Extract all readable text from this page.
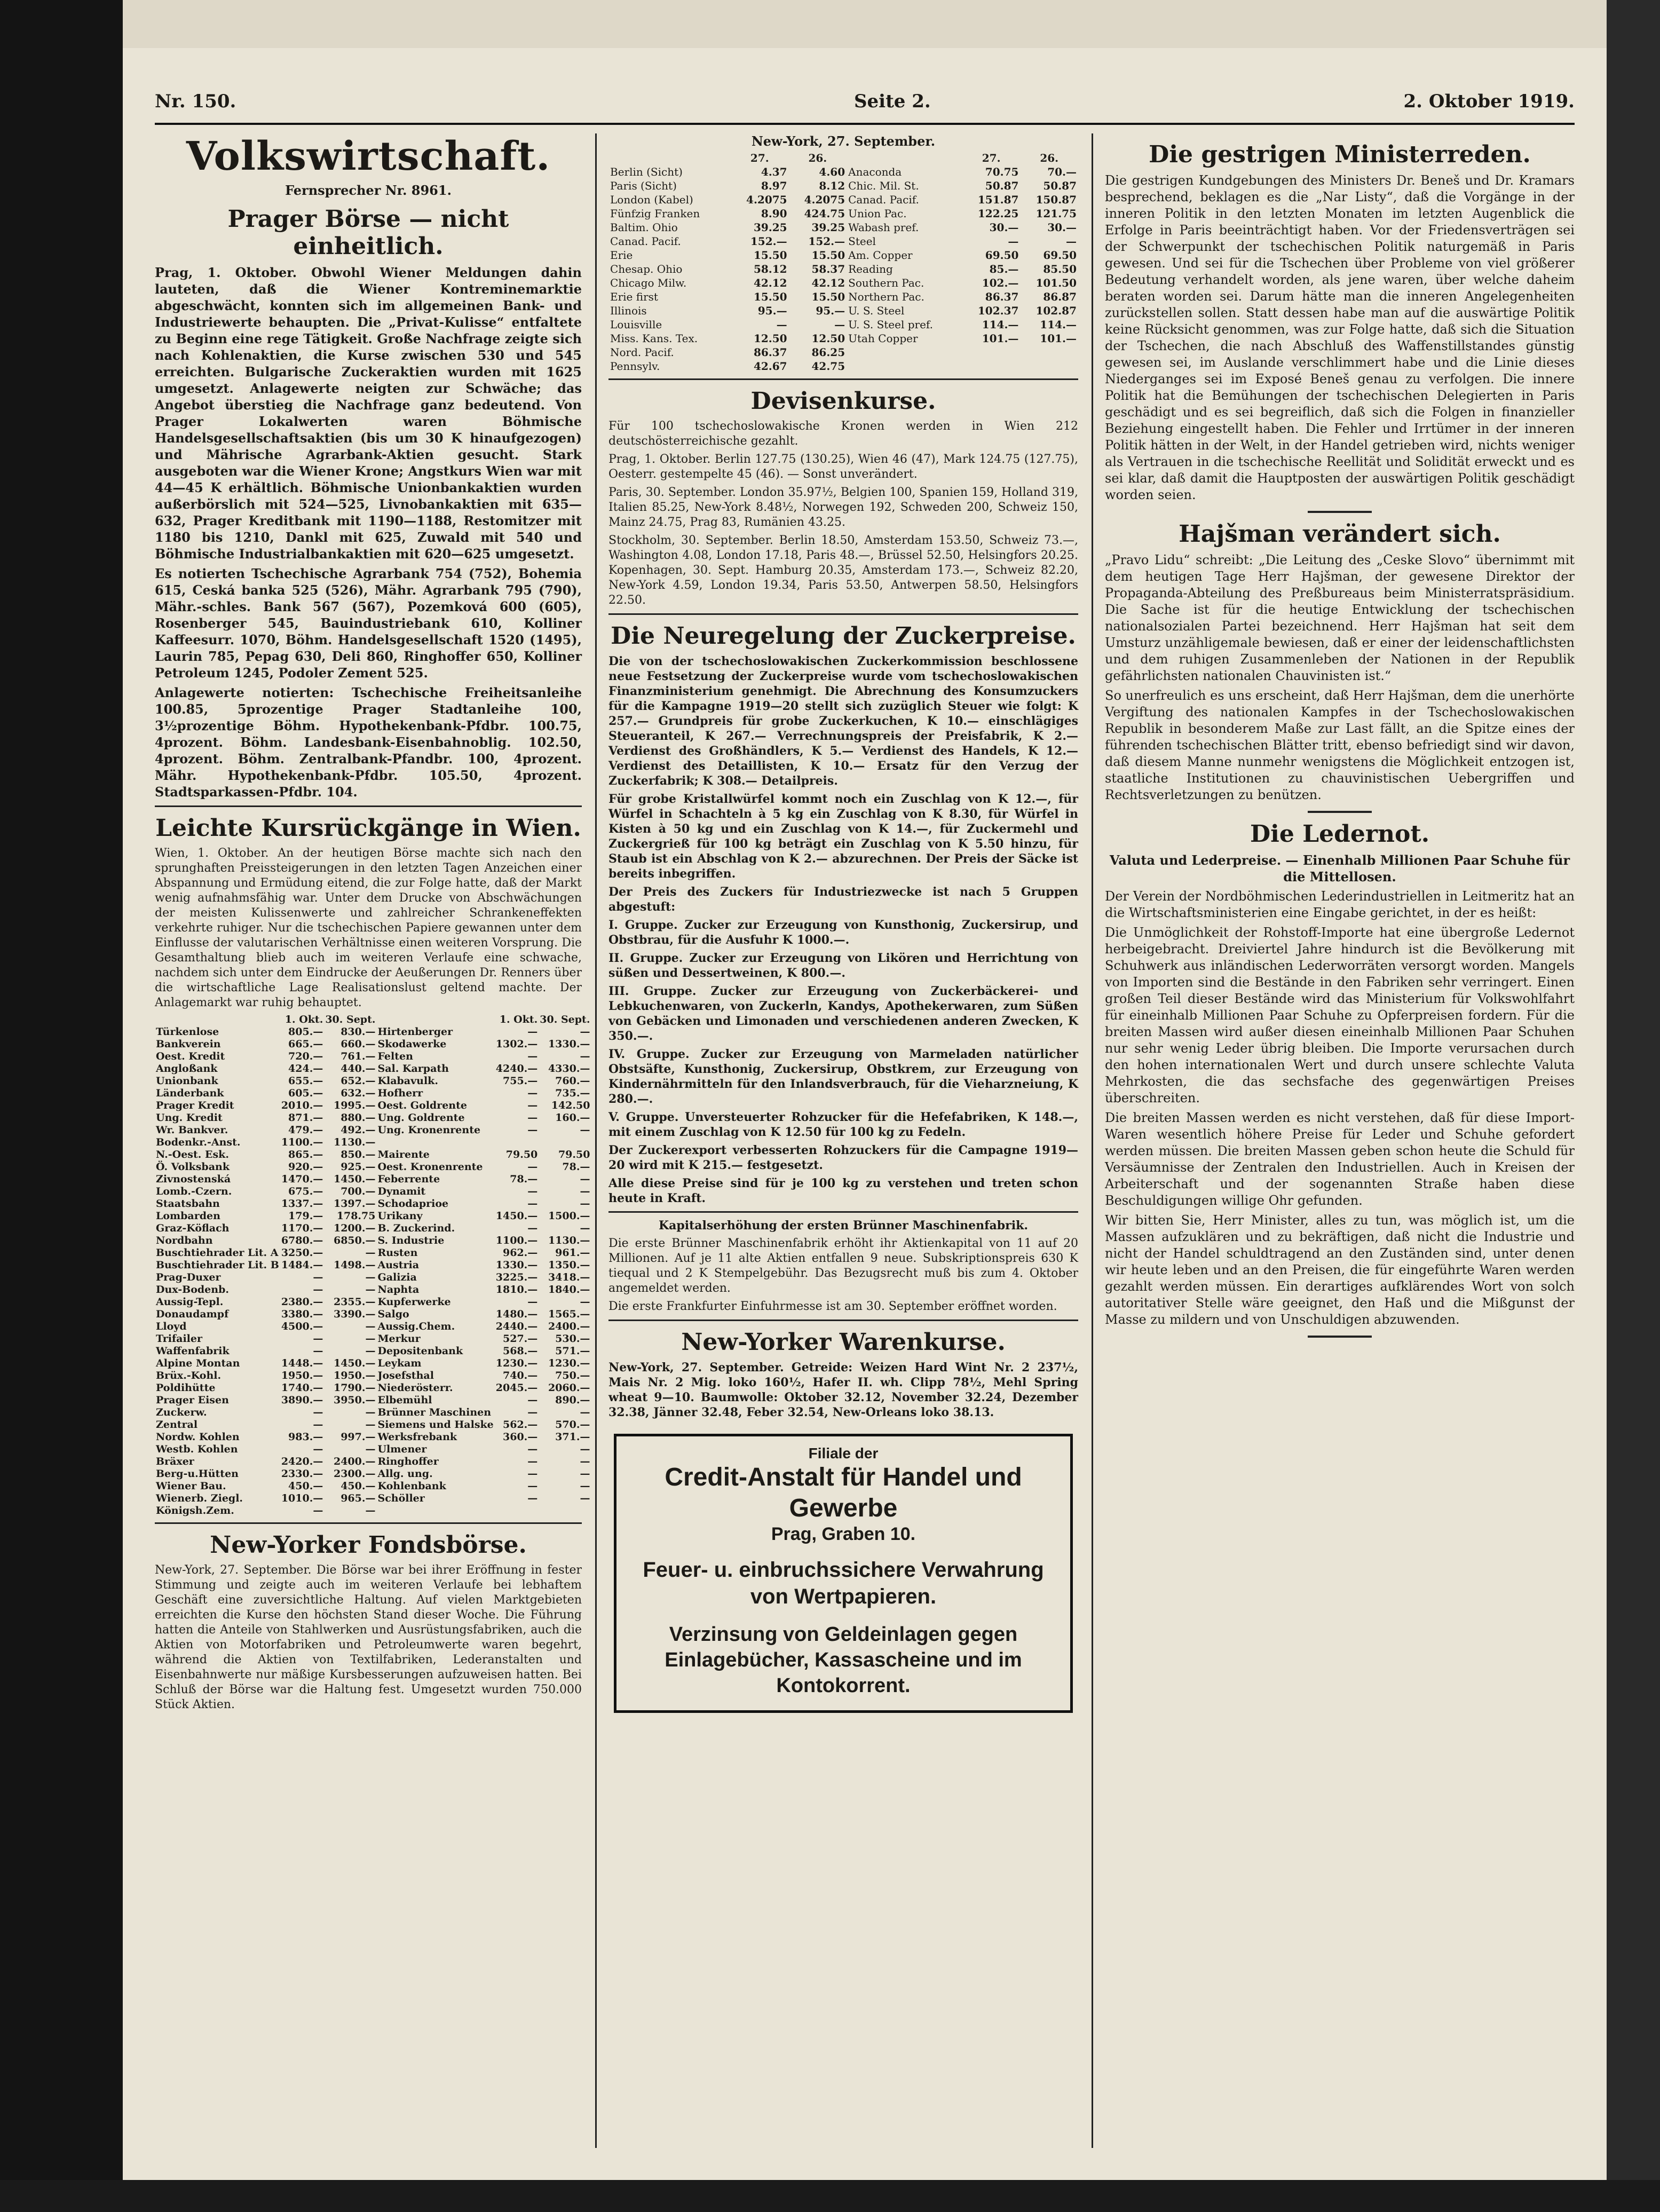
Nr. 150.	Seite 2.	2. Oktober 1919.
Volkswirtschaft.
Fernsprecher Nr. 8961.
Prager Börse — nicht einheitlich.

Prag, 1. Oktober. Obwohl Wiener Meldungen dahin lauteten, daß die Wiener Kontreminemarktie abgeschwächt, konnten sich im allgemeinen Bank- und Industriewerte behaupten. Die „Privat-Kulisse“ entfaltete zu Beginn eine rege Tätigkeit. Große Nachfrage zeigte sich nach Kohlenaktien, die Kurse zwischen 530 und 545 erreichten. Bulgarische Zuckeraktien wurden mit 1625 umgesetzt. Anlagewerte neigten zur Schwäche; das Angebot überstieg die Nachfrage ganz bedeutend. Von Prager Lokalwerten waren Böhmische Handelsgesellschaftsaktien (bis um 30 K hinaufgezogen) und Mährische Agrarbank-Aktien gesucht. Stark ausgeboten war die Wiener Krone; Angstkurs Wien war mit 44—45 K erhältlich. Böhmische Unionbankaktien wurden außerbörslich mit 524—525, Livnobankaktien mit 635—632, Prager Kreditbank mit 1190—1188, Restomitzer mit 1180 bis 1210, Dankl mit 625, Zuwald mit 540 und Böhmische Industrialbankaktien mit 620—625 umgesetzt.

Es notierten Tschechische Agrarbank 754 (752), Bohemia 615, Ceská banka 525 (526), Mähr. Agrarbank 795 (790), Mähr.-schles. Bank 567 (567), Pozemková 600 (605), Rosenberger 545, Bauindustriebank 610, Kolliner Kaffeesurr. 1070, Böhm. Handelsgesellschaft 1520 (1495), Laurin 785, Pepag 630, Deli 860, Ringhoffer 650, Kolliner Petroleum 1245, Podoler Zement 525.

Anlagewerte notierten: Tschechische Freiheitsanleihe 100.85, 5prozentige Prager Stadtanleihe 100, 3½prozentige Böhm. Hypothekenbank-Pfdbr. 100.75, 4prozent. Böhm. Landesbank-Eisenbahnoblig. 102.50, 4prozent. Böhm. Zentralbank-Pfandbr. 100, 4prozent. Mähr. Hypothekenbank-Pfdbr. 105.50, 4prozent. Stadtsparkassen-Pfdbr. 104.

Leichte Kursrückgänge in Wien.

Wien, 1. Oktober. An der heutigen Börse machte sich nach den sprunghaften Preissteigerungen in den letzten Tagen Anzeichen einer Abspannung und Ermüdung eitend, die zur Folge hatte, daß der Markt wenig aufnahmsfähig war. Unter dem Drucke von Abschwächungen der meisten Kulissenwerte und zahlreicher Schrankeneffekten verkehrte ruhiger. Nur die tschechischen Papiere gewannen unter dem Einflusse der valutarischen Verhältnisse einen weiteren Vorsprung. Die Gesamthaltung blieb auch im weiteren Verlaufe eine schwache, nachdem sich unter dem Eindrucke der Aeußerungen Dr. Renners über die wirtschaftliche Lage Realisationslust geltend machte. Der Anlagemarkt war ruhig behauptet.

	1. Okt.	30. Sept.		1. Okt.	30. Sept.
Türkenlose	805.—	830.—	Hirtenberger	—	—
Bankverein	665.—	660.—	Skodawerke	1302.—	1330.—
Oest. Kredit	720.—	761.—	Felten	—	—
Angloßank	424.—	440.—	Sal. Karpath	4240.—	4330.—
Unionbank	655.—	652.—	Klabavulk.	755.—	760.—
Länderbank	605.—	632.—	Hofherr	—	735.—
Prager Kredit	2010.—	1995.—	Oest. Goldrente	—	142.50
Ung. Kredit	871.—	880.—	Ung. Goldrente	—	160.—
Wr. Bankver.	479.—	492.—	Ung. Kronenrente	—	—
Bodenkr.-Anst.	1100.—	1130.—			
N.-Oest. Esk.	865.—	850.—	Mairente	79.50	79.50
Ö. Volksbank	920.—	925.—	Oest. Kronenrente	—	78.—
Zivnostenská	1470.—	1450.—	Feberrente	78.—	—
Lomb.-Czern.	675.—	700.—	Dynamit	—	—
Staatsbahn	1337.—	1397.—	Schodaprioe	—	—
Lombarden	179.—	178.75	Urikany	1450.—	1500.—
Graz-Köflach	1170.—	1200.—	B. Zuckerind.	—	—
Nordbahn	6780.—	6850.—	S. Industrie	1100.—	1130.—
Buschtiehrader Lit. A	3250.—	—	Rusten	962.—	961.—
Buschtiehrader Lit. B	1484.—	1498.—	Austria	1330.—	1350.—
Prag-Duxer	—	—	Galizia	3225.—	3418.—
Dux-Bodenb.	—	—	Naphta	1810.—	1840.—
Aussig-Tepl.	2380.—	2355.—	Kupferwerke	—	—
Donaudampf	3380.—	3390.—	Salgo	1480.—	1565.—
Lloyd	4500.—	—	Aussig.Chem.	2440.—	2400.—
Trifailer	—	—	Merkur	527.—	530.—
Waffenfabrik	—	—	Depositenbank	568.—	571.—
Alpine Montan	1448.—	1450.—	Leykam	1230.—	1230.—
Brüx.-Kohl.	1950.—	1950.—	Josefsthal	740.—	750.—
Poldihütte	1740.—	1790.—	Niederösterr.	2045.—	2060.—
Prager Eisen	3890.—	3950.—	Elbemühl	—	890.—
Zuckerw.	—	—	Brünner Maschinen	—	—
Zentral	—	—	Siemens und Halske	562.—	570.—
Nordw. Kohlen	983.—	997.—	Werksfrebank	360.—	371.—
Westb. Kohlen	—	—	Ulmener	—	—
Bräxer	2420.—	2400.—	Ringhoffer	—	—
Berg-u.Hütten	2330.—	2300.—	Allg. ung.	—	—
Wiener Bau.	450.—	450.—	Kohlenbank	—	—
Wienerb. Ziegl.	1010.—	965.—	Schöller	—	—
Königsh.Zem.	—	—			
New-Yorker Fondsbörse.

New-York, 27. September. Die Börse war bei ihrer Eröffnung in fester Stimmung und zeigte auch im weiteren Verlaufe bei lebhaftem Geschäft eine zuversichtliche Haltung. Auf vielen Marktgebieten erreichten die Kurse den höchsten Stand dieser Woche. Die Führung hatten die Anteile von Stahlwerken und Ausrüstungsfabriken, auch die Aktien von Motorfabriken und Petroleumwerte waren begehrt, während die Aktien von Textilfabriken, Lederanstalten und Eisenbahnwerte nur mäßige Kursbesserungen aufzuweisen hatten. Bei Schluß der Börse war die Haltung fest. Umgesetzt wurden 750.000 Stück Aktien.

New-York, 27. September.
	27.	26.		27.	26.
Berlin (Sicht)	4.37	4.60	Anaconda	70.75	70.—
Paris (Sicht)	8.97	8.12	Chic. Mil. St.	50.87	50.87
London (Kabel)	4.2075	4.2075	Canad. Pacif.	151.87	150.87
Fünfzig Franken	8.90	424.75	Union Pac.	122.25	121.75
Baltim. Ohio	39.25	39.25	Wabash pref.	30.—	30.—
Canad. Pacif.	152.—	152.—	Steel	—	—
Erie	15.50	15.50	Am. Copper	69.50	69.50
Chesap. Ohio	58.12	58.37	Reading	85.—	85.50
Chicago Milw.	42.12	42.12	Southern Pac.	102.—	101.50
Erie first	15.50	15.50	Northern Pac.	86.37	86.87
Illinois	95.—	95.—	U. S. Steel	102.37	102.87
Louisville	—	—	U. S. Steel pref.	114.—	114.—
Miss. Kans. Tex.	12.50	12.50	Utah Copper	101.—	101.—
Nord. Pacif.	86.37	86.25			
Pennsylv.	42.67	42.75			
Devisenkurse.

Für 100 tschechoslowakische Kronen werden in Wien 212 deutschösterreichische gezahlt.

Prag, 1. Oktober. Berlin 127.75 (130.25), Wien 46 (47), Mark 124.75 (127.75), Oesterr. gestempelte 45 (46). — Sonst unverändert.

Paris, 30. September. London 35.97½, Belgien 100, Spanien 159, Holland 319, Italien 85.25, New-York 8.48½, Norwegen 192, Schweden 200, Schweiz 150, Mainz 24.75, Prag 83, Rumänien 43.25.

Stockholm, 30. September. Berlin 18.50, Amsterdam 153.50, Schweiz 73.—, Washington 4.08, London 17.18, Paris 48.—, Brüssel 52.50, Helsingfors 20.25. Kopenhagen, 30. Sept. Hamburg 20.35, Amsterdam 173.—, Schweiz 82.20, New-York 4.59, London 19.34, Paris 53.50, Antwerpen 58.50, Helsingfors 22.50.

Die Neuregelung der Zuckerpreise.

Die von der tschechoslowakischen Zuckerkommission beschlossene neue Festsetzung der Zuckerpreise wurde vom tschechoslowakischen Finanzministerium genehmigt. Die Abrechnung des Konsumzuckers für die Kampagne 1919—20 stellt sich zuzüglich Steuer wie folgt: K 257.— Grundpreis für grobe Zuckerkuchen, K 10.— einschlägiges Steueranteil, K 267.— Verrechnungspreis der Preisfabrik, K 2.— Verdienst des Großhändlers, K 5.— Verdienst des Handels, K 12.— Verdienst des Detaillisten, K 10.— Ersatz für den Verzug der Zuckerfabrik; K 308.— Detailpreis.

Für grobe Kristallwürfel kommt noch ein Zuschlag von K 12.—, für Würfel in Schachteln à 5 kg ein Zuschlag von K 8.30, für Würfel in Kisten à 50 kg und ein Zuschlag von K 14.—, für Zuckermehl und Zuckergrieß für 100 kg beträgt ein Zuschlag von K 5.50 hinzu, für Staub ist ein Abschlag von K 2.— abzurechnen. Der Preis der Säcke ist bereits inbegriffen.

Der Preis des Zuckers für Industriezwecke ist nach 5 Gruppen abgestuft:

I. Gruppe. Zucker zur Erzeugung von Kunsthonig, Zuckersirup, und Obstbrau, für die Ausfuhr K 1000.—.

II. Gruppe. Zucker zur Erzeugung von Likören und Herrichtung von süßen und Dessertweinen, K 800.—.

III. Gruppe. Zucker zur Erzeugung von Zuckerbäckerei- und Lebkuchenwaren, von Zuckerln, Kandys, Apothekerwaren, zum Süßen von Gebäcken und Limonaden und verschiedenen anderen Zwecken, K 350.—.

IV. Gruppe. Zucker zur Erzeugung von Marmeladen natürlicher Obstsäfte, Kunsthonig, Zuckersirup, Obstkrem, zur Erzeugung von Kindernährmitteln für den Inlandsverbrauch, für die Vieharzneiung, K 280.—.

V. Gruppe. Unversteuerter Rohzucker für die Hefefabriken, K 148.—, mit einem Zuschlag von K 12.50 für 100 kg zu Fedeln.

Der Zuckerexport verbesserten Rohzuckers für die Campagne 1919—20 wird mit K 215.— festgesetzt.

Alle diese Preise sind für je 100 kg zu verstehen und treten schon heute in Kraft.

Kapitalserhöhung der ersten Brünner Maschinenfabrik.

Die erste Brünner Maschinenfabrik erhöht ihr Aktienkapital von 11 auf 20 Millionen. Auf je 11 alte Aktien entfallen 9 neue. Subskriptionspreis 630 K tiequal und 2 K Stempelgebühr. Das Bezugsrecht muß bis zum 4. Oktober angemeldet werden.

Die erste Frankfurter Einfuhrmesse ist am 30. September eröffnet worden.

New-Yorker Warenkurse.

New-York, 27. September. Getreide: Weizen Hard Wint Nr. 2 237½, Mais Nr. 2 Mig. loko 160½, Hafer II. wh. Clipp 78½, Mehl Spring wheat 9—10. Baumwolle: Oktober 32.12, November 32.24, Dezember 32.38, Jänner 32.48, Feber 32.54, New-Orleans loko 38.13.

Filiale der
Credit-Anstalt für Handel und Gewerbe
Prag, Graben 10.
Feuer- u. einbruchssichere Verwahrung von Wertpapieren.
Verzinsung von Geldeinlagen gegen Einlagebücher, Kassascheine und im Kontokorrent.
Die gestrigen Ministerreden.

Die gestrigen Kundgebungen des Ministers Dr. Beneš und Dr. Kramars besprechend, beklagen es die „Nar Listy“, daß die Vorgänge in der inneren Politik in den letzten Monaten im letzten Augenblick die Erfolge in Paris beeinträchtigt haben. Vor der Friedensverträgen sei der Schwerpunkt der tschechischen Politik naturgemäß in Paris gewesen. Und sei für die Tschechen über Probleme von viel größerer Bedeutung verhandelt worden, als jene waren, über welche daheim beraten worden sei. Darum hätte man die inneren Angelegenheiten zurückstellen sollen. Statt dessen habe man auf die auswärtige Politik keine Rücksicht genommen, was zur Folge hatte, daß sich die Situation der Tschechen, die nach Abschluß des Waffenstillstandes günstig gewesen sei, im Auslande verschlimmert habe und die Linie dieses Niederganges sei im Exposé Beneš genau zu verfolgen. Die innere Politik hat die Bemühungen der tschechischen Delegierten in Paris geschädigt und es sei begreiflich, daß sich die Folgen in finanzieller Beziehung eingestellt haben. Die Fehler und Irrtümer in der inneren Politik hätten in der Welt, in der Handel getrieben wird, nichts weniger als Vertrauen in die tschechische Reellität und Solidität erweckt und es sei klar, daß damit die Hauptposten der auswärtigen Politik geschädigt worden seien.

Hajšman verändert sich.

„Pravo Lidu“ schreibt: „Die Leitung des „Ceske Slovo“ übernimmt mit dem heutigen Tage Herr Hajšman, der gewesene Direktor der Propaganda-Abteilung des Preßbureaus beim Ministerratspräsidium. Die Sache ist für die heutige Entwicklung der tschechischen nationalsozialen Partei bezeichnend. Herr Hajšman hat seit dem Umsturz unzähligemale bewiesen, daß er einer der leidenschaftlichsten und dem ruhigen Zusammenleben der Nationen in der Republik gefährlichsten nationalen Chauvinisten ist.“

So unerfreulich es uns erscheint, daß Herr Hajšman, dem die unerhörte Vergiftung des nationalen Kampfes in der Tschechoslowakischen Republik in besonderem Maße zur Last fällt, an die Spitze eines der führenden tschechischen Blätter tritt, ebenso befriedigt sind wir davon, daß diesem Manne nunmehr wenigstens die Möglichkeit entzogen ist, staatliche Institutionen zu chauvinistischen Uebergriffen und Rechtsverletzungen zu benützen.

Die Ledernot.

Valuta und Lederpreise. — Einenhalb Millionen Paar Schuhe für die Mittellosen.

Der Verein der Nordböhmischen Lederindustriellen in Leitmeritz hat an die Wirtschaftsministerien eine Eingabe gerichtet, in der es heißt:

Die Unmöglichkeit der Rohstoff-Importe hat eine übergroße Ledernot herbeigebracht. Dreiviertel Jahre hindurch ist die Bevölkerung mit Schuhwerk aus inländischen Lederworräten versorgt worden. Mangels von Importen sind die Bestände in den Fabriken sehr verringert. Einen großen Teil dieser Bestände wird das Ministerium für Volkswohlfahrt für eineinhalb Millionen Paar Schuhe zu Opferpreisen fordern. Für die breiten Massen wird außer diesen eineinhalb Millionen Paar Schuhen nur sehr wenig Leder übrig bleiben. Die Importe verursachen durch den hohen internationalen Wert und durch unsere schlechte Valuta Mehrkosten, die das sechsfache des gegenwärtigen Preises überschreiten.

Die breiten Massen werden es nicht verstehen, daß für diese Import-Waren wesentlich höhere Preise für Leder und Schuhe gefordert werden müssen. Die breiten Massen geben schon heute die Schuld für Versäumnisse der Zentralen den Industriellen. Auch in Kreisen der Arbeiterschaft und der sogenannten Straße haben diese Beschuldigungen willige Ohr gefunden.

Wir bitten Sie, Herr Minister, alles zu tun, was möglich ist, um die Massen aufzuklären und zu bekräftigen, daß nicht die Industrie und nicht der Handel schuldtragend an den Zuständen sind, unter denen wir heute leben und an den Preisen, die für eingeführte Waren werden gezahlt werden müssen. Ein derartiges aufklärendes Wort von solch autoritativer Stelle wäre geeignet, den Haß und die Mißgunst der Masse zu mildern und von Unschuldigen abzuwenden.
